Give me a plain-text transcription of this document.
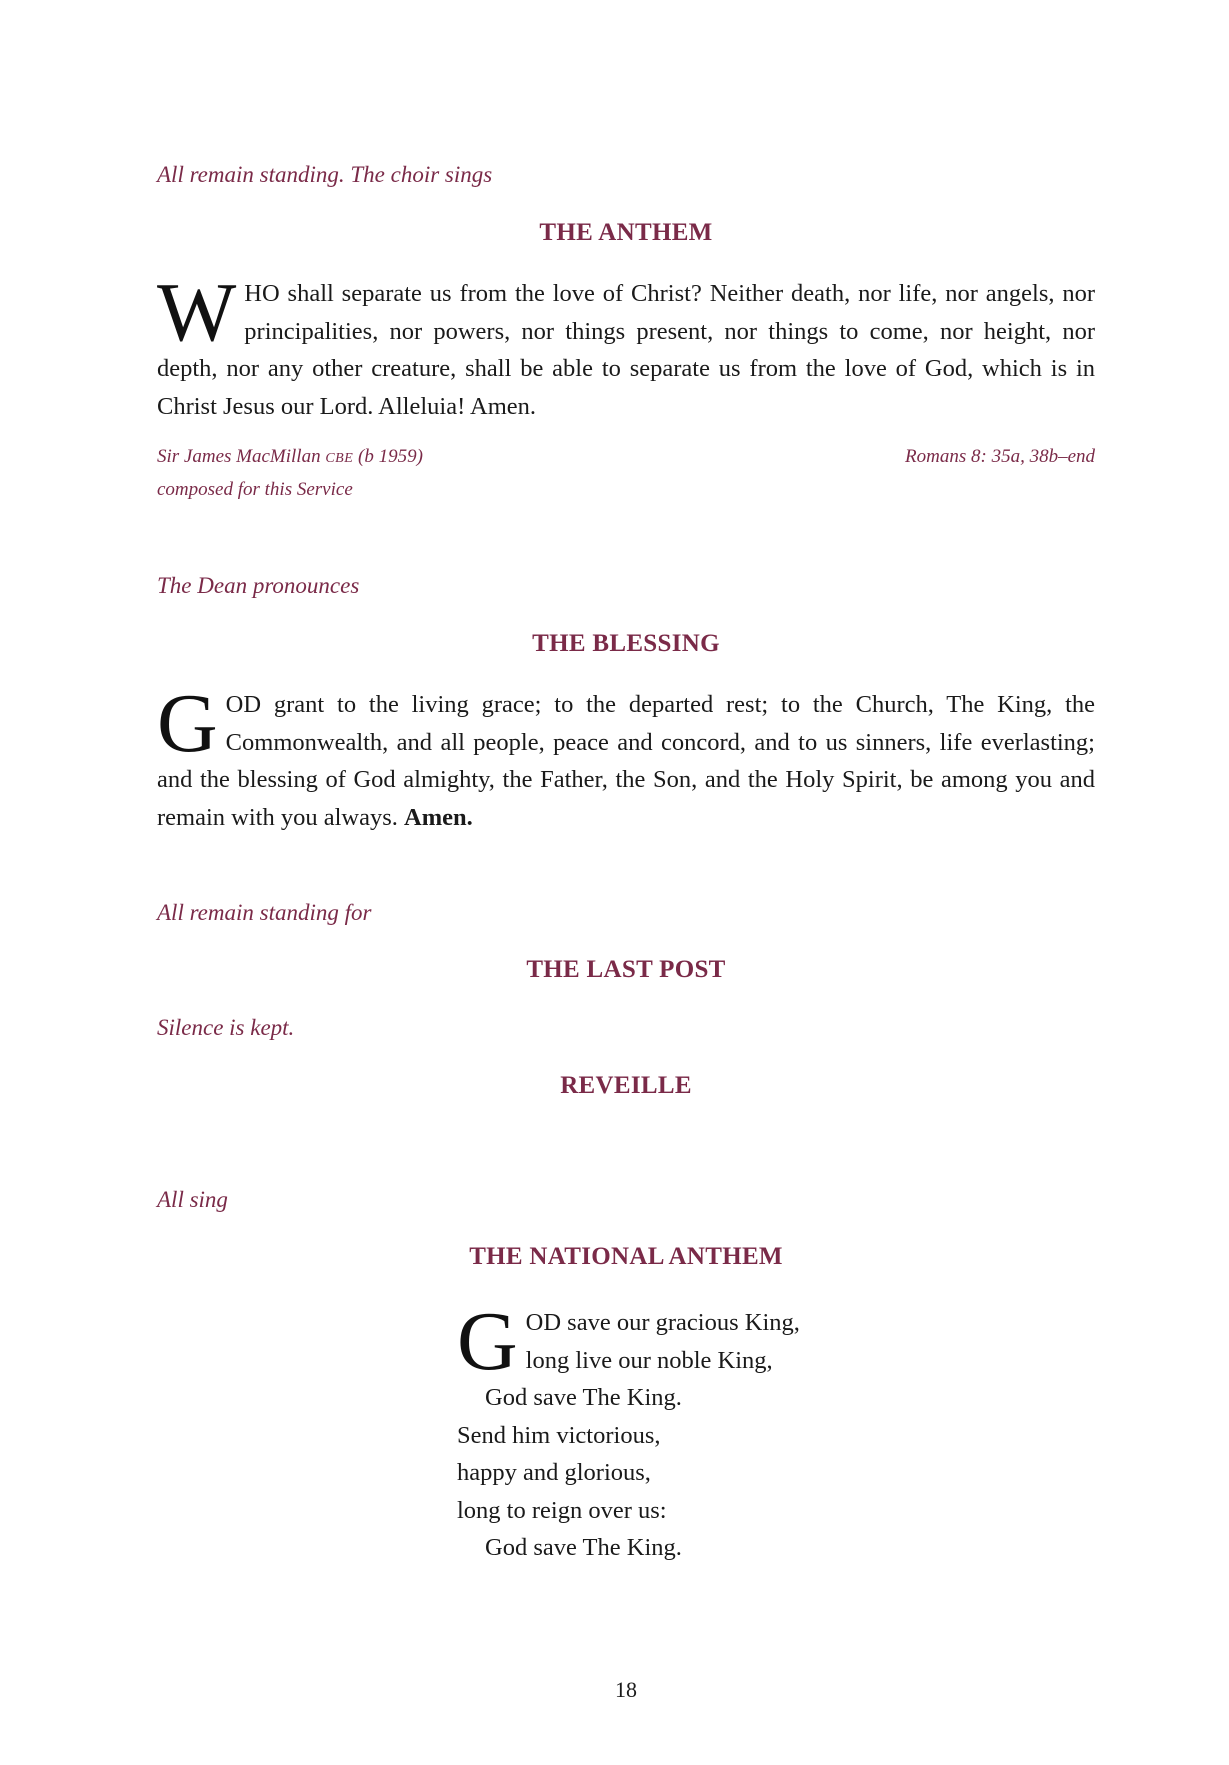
All remain standing. The choir sings
THE ANTHEM
WHO shall separate us from the love of Christ? Neither death, nor life, nor angels, nor principalities, nor powers, nor things present, nor things to come, nor height, nor depth, nor any other creature, shall be able to separate us from the love of God, which is in Christ Jesus our Lord. Alleluia! Amen.
Sir James MacMillan CBE (b 1959)
composed for this Service
Romans 8: 35a, 38b–end
The Dean pronounces
THE BLESSING
GOD grant to the living grace; to the departed rest; to the Church, The King, the Commonwealth, and all people, peace and concord, and to us sinners, life everlasting; and the blessing of God almighty, the Father, the Son, and the Holy Spirit, be among you and remain with you always. Amen.
All remain standing for
THE LAST POST
Silence is kept.
REVEILLE
All sing
THE NATIONAL ANTHEM
18
G OD save our gracious King,
long live our noble King,
God save The King.
Send him victorious,
happy and glorious,
long to reign over us:
God save The King.
